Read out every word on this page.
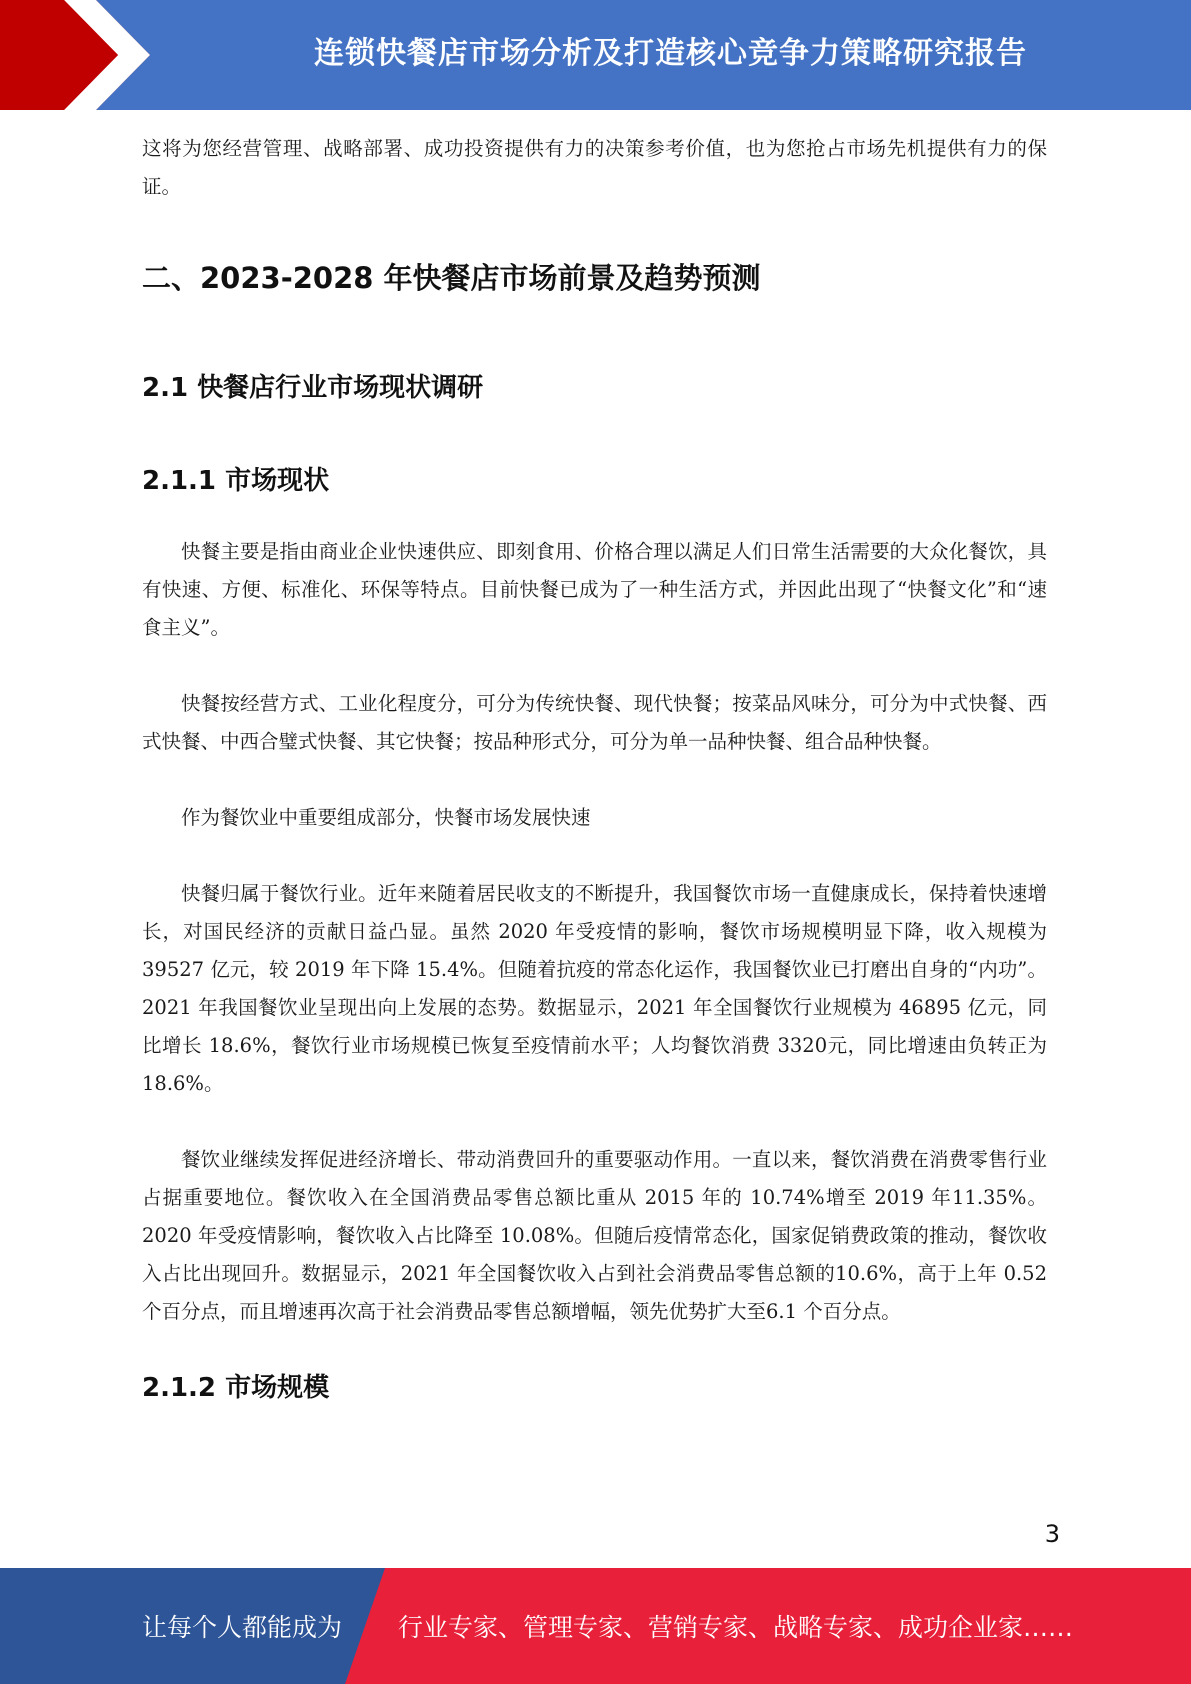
连锁快餐店市场分析及打造核心竞争力策略研究报告

这将为您经营管理、战略部署、成功投资提供有力的决策参考价值，也为您抢占市场先机提供有力的保证。

二、2023-2028 年快餐店市场前景及趋势预测
2.1 快餐店行业市场现状调研
2.1.1 市场现状

快餐主要是指由商业企业快速供应、即刻食用、价格合理以满足人们日常生活需要的大众化餐饮，具有快速、方便、标准化、环保等特点。目前快餐已成为了一种生活方式，并因此出现了“快餐文化”和“速食主义”。

快餐按经营方式、工业化程度分，可分为传统快餐、现代快餐；按菜品风味分，可分为中式快餐、西式快餐、中西合璧式快餐、其它快餐；按品种形式分，可分为单一品种快餐、组合品种快餐。

作为餐饮业中重要组成部分，快餐市场发展快速

快餐归属于餐饮行业。近年来随着居民收支的不断提升，我国餐饮市场一直健康成长，保持着快速增长，对国民经济的贡献日益凸显。虽然 2020 年受疫情的影响，餐饮市场规模明显下降，收入规模为 39527 亿元，较 2019 年下降 15.4%。但随着抗疫的常态化运作，我国餐饮业已打磨出自身的“内功”。2021 年我国餐饮业呈现出向上发展的态势。数据显示，2021 年全国餐饮行业规模为 46895 亿元，同比增长 18.6%，餐饮行业市场规模已恢复至疫情前水平；人均餐饮消费 3320元，同比增速由负转正为 18.6%。

餐饮业继续发挥促进经济增长、带动消费回升的重要驱动作用。一直以来，餐饮消费在消费零售行业占据重要地位。餐饮收入在全国消费品零售总额比重从 2015 年的 10.74%增至 2019 年11.35%。2020 年受疫情影响，餐饮收入占比降至 10.08%。但随后疫情常态化，国家促销费政策的推动，餐饮收入占比出现回升。数据显示，2021 年全国餐饮收入占到社会消费品零售总额的10.6%，高于上年 0.52 个百分点，而且增速再次高于社会消费品零售总额增幅，领先优势扩大至6.1 个百分点。

2.1.2 市场规模
3
让每个人都能成为 行业专家、管理专家、营销专家、战略专家、成功企业家……
